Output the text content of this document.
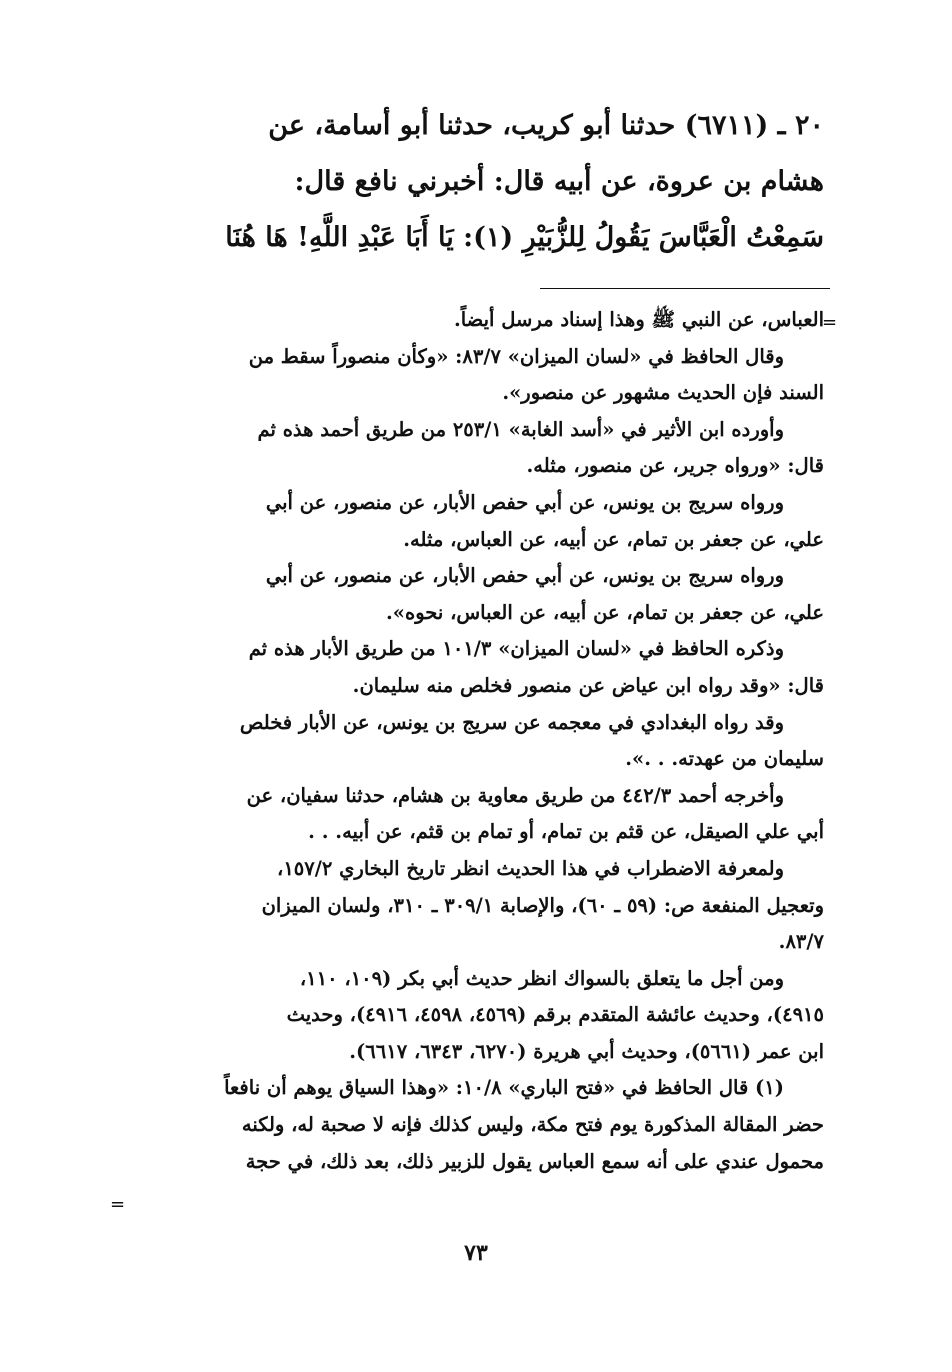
٢٠ ـ (٦٧١١) حدثنا أبو كريب، حدثنا أبو أسامة، عن

هشام بن عروة، عن أبيه قال: أخبرني نافع قال:

سَمِعْتُ الْعَبَّاسَ يَقُولُ لِلزُّبَيْرِ (١): يَا أَبَا عَبْدِ اللَّهِ! هَا هُنَا

=

العباس، عن النبي ﷺ وهذا إسناد مرسل أيضاً.

وقال الحافظ في «لسان الميزان» ٨٣/٧: «وكأن منصوراً سقط من

السند فإن الحديث مشهور عن منصور».

وأورده ابن الأثير في «أسد الغابة» ٢٥٣/١ من طريق أحمد هذه ثم

قال: «ورواه جرير، عن منصور، مثله.

ورواه سريج بن يونس، عن أبي حفص الأبار، عن منصور، عن أبي

علي، عن جعفر بن تمام، عن أبيه، عن العباس، مثله.

ورواه سريج بن يونس، عن أبي حفص الأبار، عن منصور، عن أبي

علي، عن جعفر بن تمام، عن أبيه، عن العباس، نحوه».

وذكره الحافظ في «لسان الميزان» ١٠١/٣ من طريق الأبار هذه ثم

قال: «وقد رواه ابن عياض عن منصور فخلص منه سليمان.

وقد رواه البغدادي في معجمه عن سريج بن يونس، عن الأبار فخلص

سليمان من عهدته. . .».

وأخرجه أحمد ٤٤٢/٣ من طريق معاوية بن هشام، حدثنا سفيان، عن

أبي علي الصيقل، عن قثم بن تمام، أو تمام بن قثم، عن أبيه. . .

ولمعرفة الاضطراب في هذا الحديث انظر تاريخ البخاري ١٥٧/٢،

وتعجيل المنفعة ص: (٥٩ ـ ٦٠)، والإصابة ٣٠٩/١ ـ ٣١٠، ولسان الميزان

٨٣/٧.

ومن أجل ما يتعلق بالسواك انظر حديث أبي بكر (١٠٩، ١١٠،

٤٩١٥)، وحديث عائشة المتقدم برقم (٤٥٦٩، ٤٥٩٨، ٤٩١٦)، وحديث

ابن عمر (٥٦٦١)، وحديث أبي هريرة (٦٢٧٠، ٦٣٤٣، ٦٦١٧).

(١) قال الحافظ في «فتح الباري» ١٠/٨: «وهذا السياق يوهم أن نافعاً

حضر المقالة المذكورة يوم فتح مكة، وليس كذلك فإنه لا صحبة له، ولكنه

محمول عندي على أنه سمع العباس يقول للزبير ذلك، بعد ذلك، في حجة

=
٧٣
